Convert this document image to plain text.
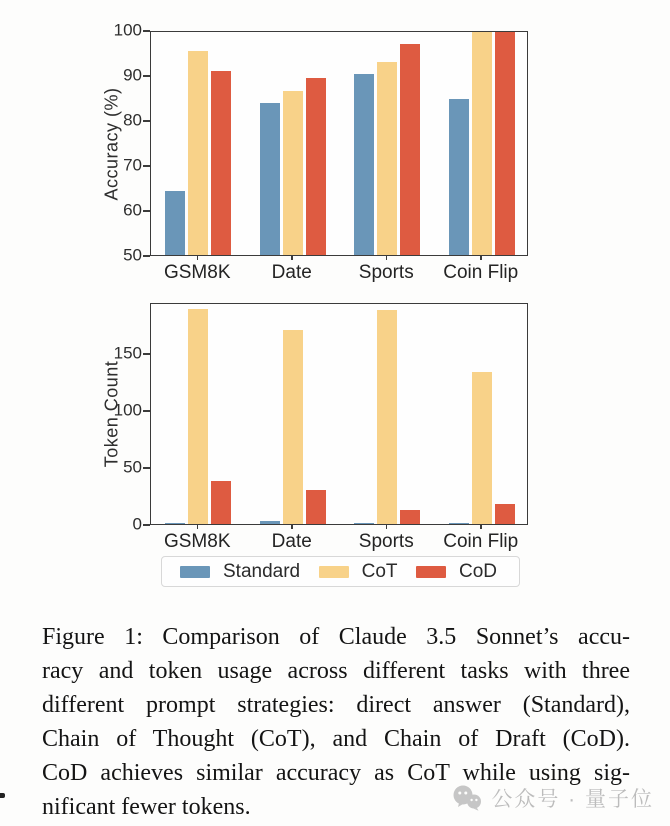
Accuracy (%)
50
60
70
80
90
100
GSM8K	Date	Sports	Coin Flip
Token Count
0
50
100
150
GSM8K	Date	Sports	Coin Flip
Standard	CoT	CoD
Figure 1: Comparison of Claude 3.5 Sonnet’s accu-
racy and token usage across different tasks with three
different prompt strategies: direct answer (Standard),
Chain of Thought (CoT), and Chain of Draft (CoD).
CoD achieves similar accuracy as CoT while using sig-
nificant fewer tokens.	公众号 · 量子位
